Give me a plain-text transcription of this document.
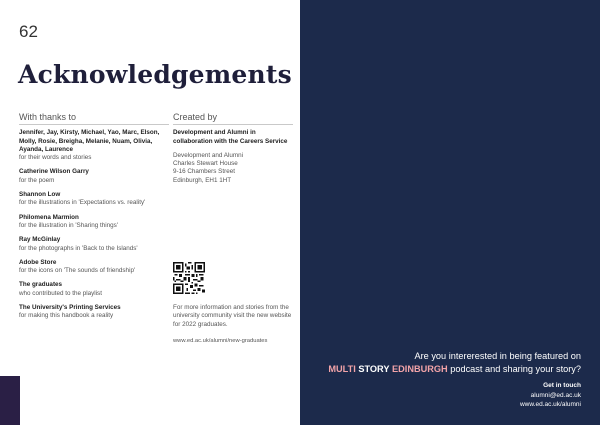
62
Acknowledgements
With thanks to
Jennifer, Jay, Kirsty, Michael, Yao, Marc, Elson, Molly, Rosie, Breigha, Melanie, Nuam, Olivia, Ayanda, Laurence
for their words and stories
Catherine Wilson Garry
for the poem
Shannon Low
for the illustrations in 'Expectations vs. reality'
Philomena Marmion
for the illustration in 'Sharing things'
Ray McGinlay
for the photographs in 'Back to the Islands'
Adobe Store
for the icons on 'The sounds of friendship'
The graduates
who contributed to the playlist
The University's Printing Services
for making this handbook a reality
Created by
Development and Alumni in collaboration with the Careers Service
Development and Alumni
Charles Stewart House
9-16 Chambers Street
Edinburgh, EH1 1HT
For more information and stories from the university community visit the new website for 2022 graduates.
www.ed.ac.uk/alumni/new-graduates
Are you intererested in being featured on
MULTI STORY EDINBURGH podcast and sharing your story?
Get in touch
alumni@ed.ac.uk
www.ed.ac.uk/alumni
